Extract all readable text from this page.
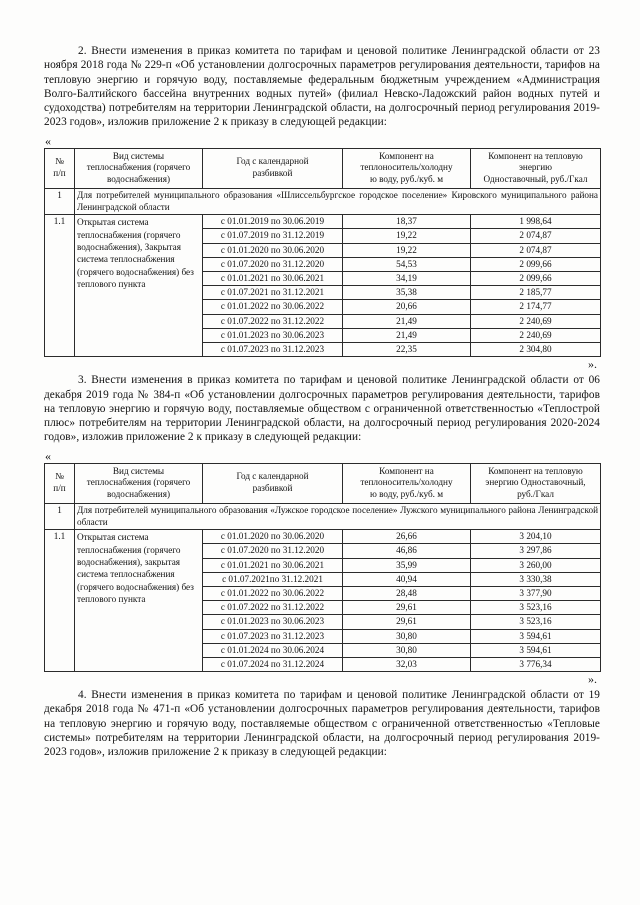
2. Внести изменения в приказ комитета по тарифам и ценовой политике Ленинградской области от 23 ноября 2018 года № 229-п «Об установлении долгосрочных параметров регулирования деятельности, тарифов на тепловую энергию и горячую воду, поставляемые федеральным бюджетным учреждением «Администрация Волго-Балтийского бассейна внутренних водных путей» (филиал Невско-Ладожский район водных путей и судоходства) потребителям на территории Ленинградской области, на долгосрочный период регулирования 2019-2023 годов», изложив приложение 2 к приказу в следующей редакции:

«
№
п/п	Вид системы
теплоснабжения (горячего
водоснабжения)	Год с календарной
разбивкой	Компонент на
теплоноситель/холодну
ю воду, руб./куб. м	Компонент на тепловую
энергию
Одноставочный, руб./Гкал
1	Для потребителей муниципального образования «Шлиссельбургское городское поселение» Кировского муниципального района Ленинградской области			
1.1	Открытая система теплоснабжения (горячего водоснабжения), Закрытая система теплоснабжения (горячего водоснабжения) без теплового пункта	с 01.01.2019 по 30.06.2019	18,37	1 998,64
		с 01.07.2019 по 31.12.2019	19,22	2 074,87
		с 01.01.2020 по 30.06.2020	19,22	2 074,87
		с 01.07.2020 по 31.12.2020	54,53	2 099,66
		с 01.01.2021 по 30.06.2021	34,19	2 099,66
		с 01.07.2021 по 31.12.2021	35,38	2 185,77
		с 01.01.2022 по 30.06.2022	20,66	2 174,77
		с 01.07.2022 по 31.12.2022	21,49	2 240,69
		с 01.01.2023 по 30.06.2023	21,49	2 240,69
		с 01.07.2023 по 31.12.2023	22,35	2 304,80
».

3. Внести изменения в приказ комитета по тарифам и ценовой политике Ленинградской области от 06 декабря 2019 года № 384-п «Об установлении долгосрочных параметров регулирования деятельности, тарифов на тепловую энергию и горячую воду, поставляемые обществом с ограниченной ответственностью «Теплострой плюс» потребителям на территории Ленинградской области, на долгосрочный период регулирования 2020-2024 годов», изложив приложение 2 к приказу в следующей редакции:

«
№
п/п	Вид системы
теплоснабжения (горячего
водоснабжения)	Год с календарной
разбивкой	Компонент на
теплоноситель/холодну
ю воду, руб./куб. м	Компонент на тепловую
энергию Одноставочный,
руб./Гкал
1	Для потребителей муниципального образования «Лужское городское поселение» Лужского муниципального района Ленинградской области			
1.1	Открытая система теплоснабжения (горячего водоснабжения), закрытая система теплоснабжения (горячего водоснабжения) без теплового пункта	с 01.01.2020 по 30.06.2020	26,66	3 204,10
		с 01.07.2020 по 31.12.2020	46,86	3 297,86
		с 01.01.2021 по 30.06.2021	35,99	3 260,00
		с 01.07.2021по 31.12.2021	40,94	3 330,38
		с 01.01.2022 по 30.06.2022	28,48	3 377,90
		с 01.07.2022 по 31.12.2022	29,61	3 523,16
		с 01.01.2023 по 30.06.2023	29,61	3 523,16
		с 01.07.2023 по 31.12.2023	30,80	3 594,61
		с 01.01.2024 по 30.06.2024	30,80	3 594,61
		с 01.07.2024 по 31.12.2024	32,03	3 776,34
».

4. Внести изменения в приказ комитета по тарифам и ценовой политике Ленинградской области от 19 декабря 2018 года № 471-п «Об установлении долгосрочных параметров регулирования деятельности, тарифов на тепловую энергию и горячую воду, поставляемые обществом с ограниченной ответственностью «Тепловые системы» потребителям на территории Ленинградской области, на долгосрочный период регулирования 2019-2023 годов», изложив приложение 2 к приказу в следующей редакции:
